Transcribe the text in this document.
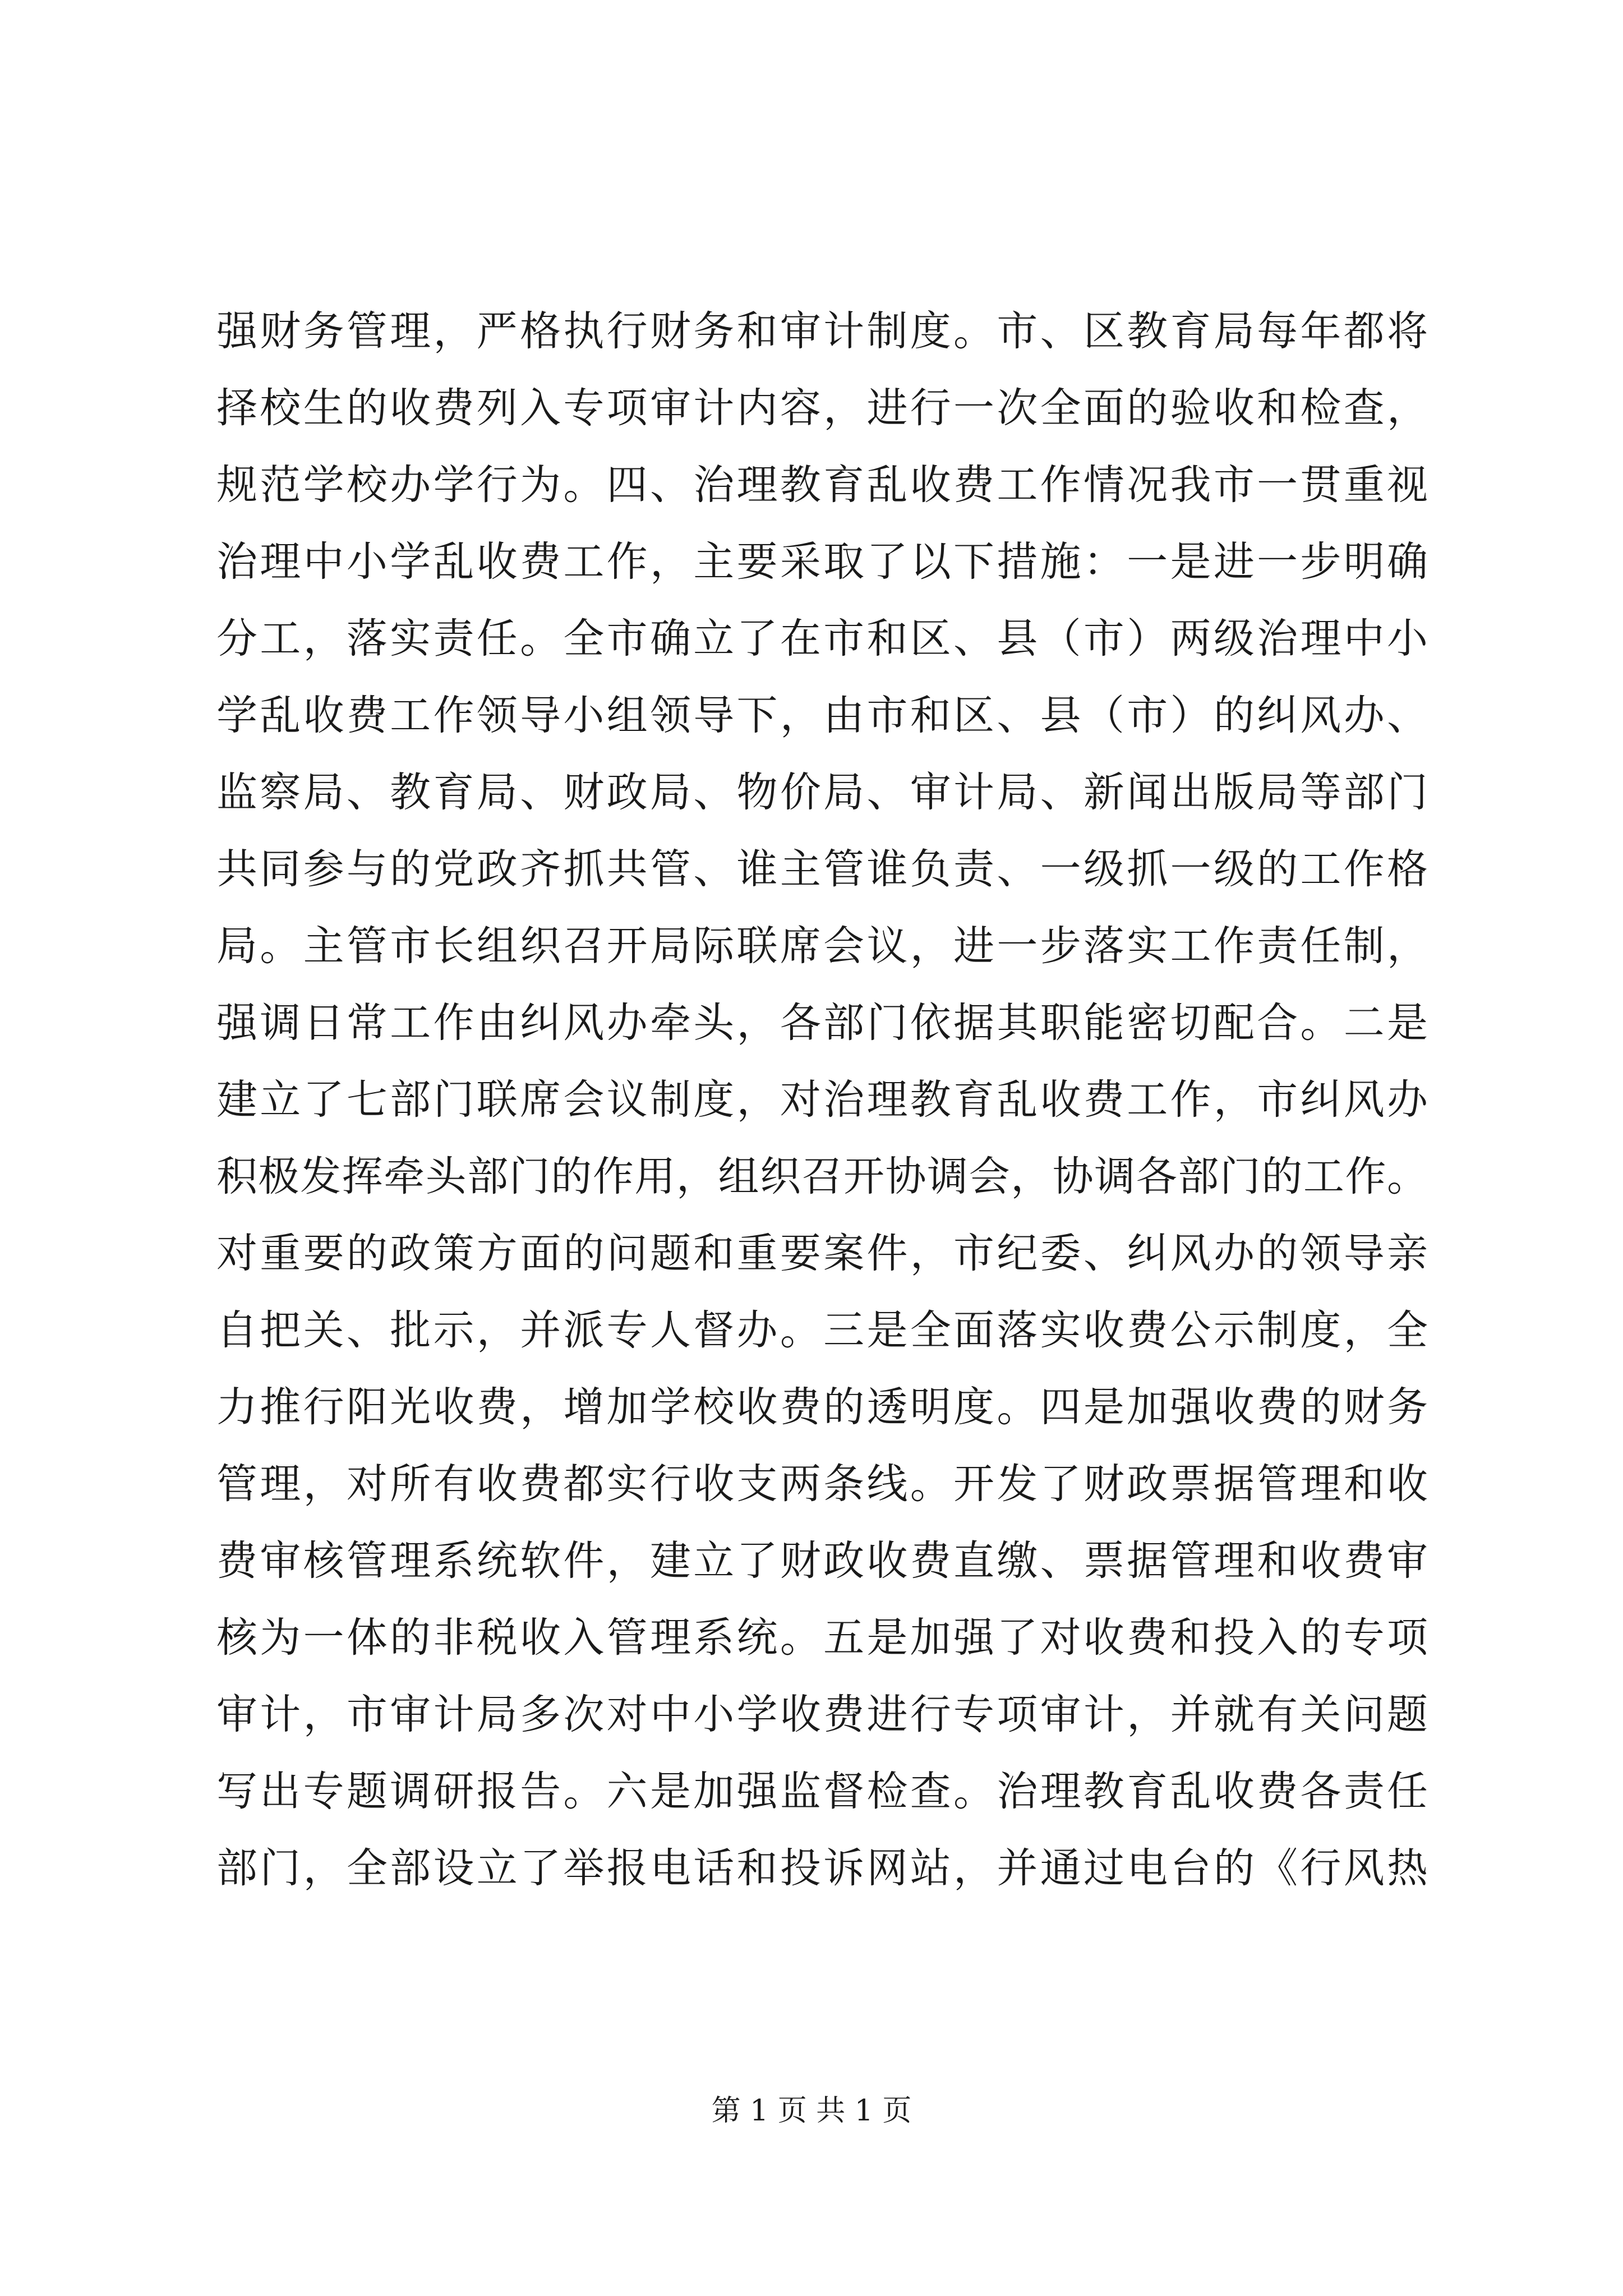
强财务管理，严格执行财务和审计制度。市、区教育局每年都将
择校生的收费列入专项审计内容，进行一次全面的验收和检查，
规范学校办学行为。四、治理教育乱收费工作情况我市一贯重视
治理中小学乱收费工作，主要采取了以下措施：一是进一步明确
分工，落实责任。全市确立了在市和区、县（市）两级治理中小
学乱收费工作领导小组领导下，由市和区、县（市）的纠风办、
监察局、教育局、财政局、物价局、审计局、新闻出版局等部门
共同参与的党政齐抓共管、谁主管谁负责、一级抓一级的工作格
局。主管市长组织召开局际联席会议，进一步落实工作责任制，
强调日常工作由纠风办牵头，各部门依据其职能密切配合。二是
建立了七部门联席会议制度，对治理教育乱收费工作，市纠风办
积极发挥牵头部门的作用，组织召开协调会，协调各部门的工作。
对重要的政策方面的问题和重要案件，市纪委、纠风办的领导亲
自把关、批示，并派专人督办。三是全面落实收费公示制度，全
力推行阳光收费，增加学校收费的透明度。四是加强收费的财务
管理，对所有收费都实行收支两条线。开发了财政票据管理和收
费审核管理系统软件，建立了财政收费直缴、票据管理和收费审
核为一体的非税收入管理系统。五是加强了对收费和投入的专项
审计，市审计局多次对中小学收费进行专项审计，并就有关问题
写出专题调研报告。六是加强监督检查。治理教育乱收费各责任
部门，全部设立了举报电话和投诉网站，并通过电台的《行风热
第 1 页 共 1 页
